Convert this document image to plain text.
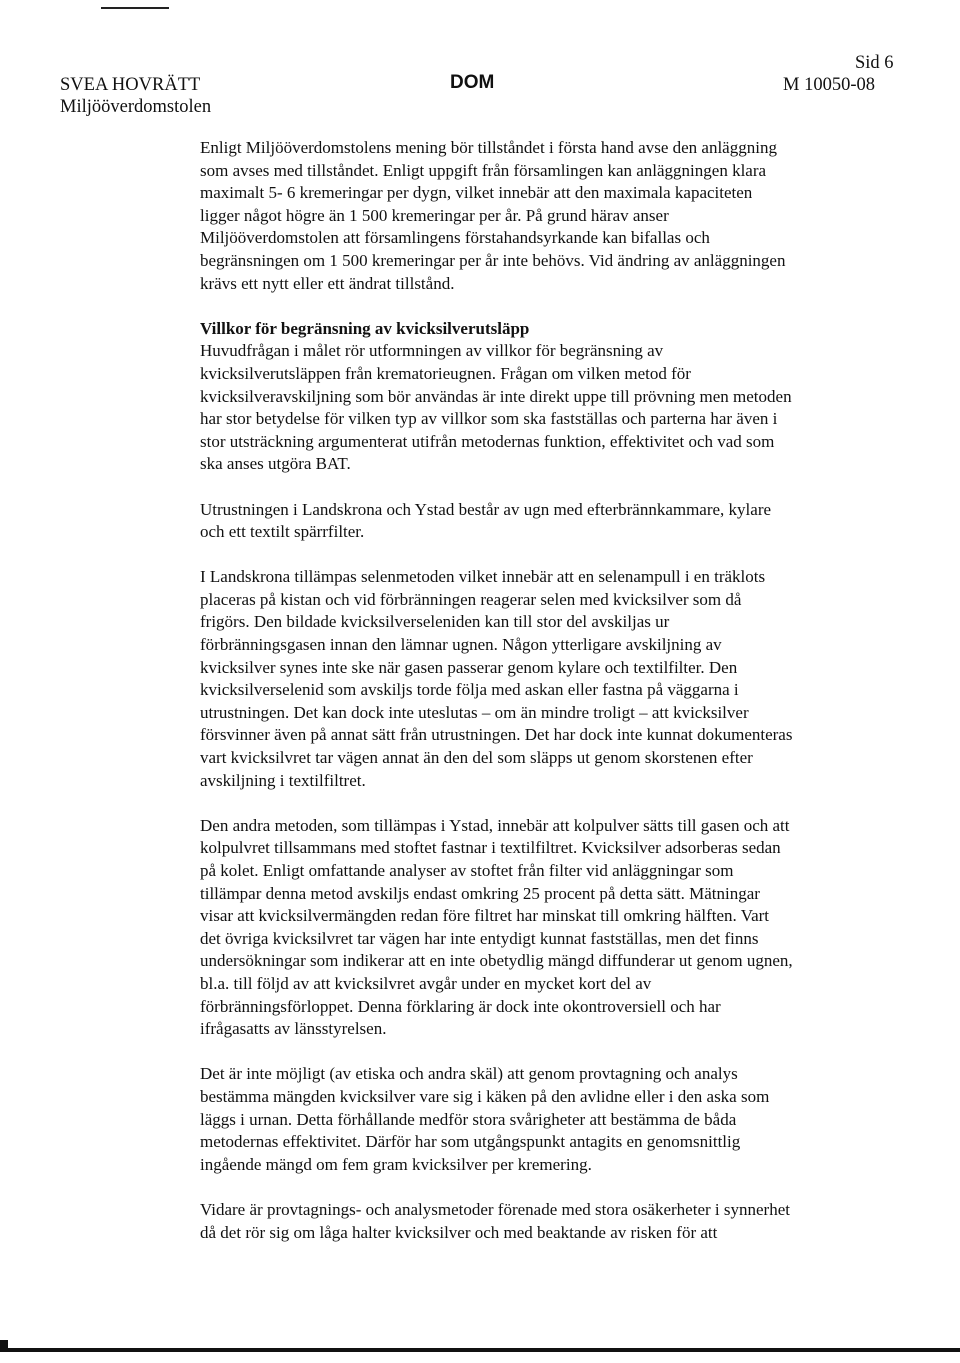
SVEA HOVRÄTT
Miljööverdomstolen
DOM
Sid 6
M 10050-08

Enligt Miljööverdomstolens mening bör tillståndet i första hand avse den anläggning
som avses med tillståndet. Enligt uppgift från församlingen kan anläggningen klara
maximalt 5- 6 kremeringar per dygn, vilket innebär att den maximala kapaciteten
ligger något högre än 1 500 kremeringar per år. På grund härav anser
Miljööverdomstolen att församlingens förstahandsyrkande kan bifallas och
begränsningen om 1 500 kremeringar per år inte behövs. Vid ändring av anläggningen
krävs ett nytt eller ett ändrat tillstånd.

Villkor för begränsning av kvicksilverutsläpp

Huvudfrågan i målet rör utformningen av villkor för begränsning av
kvicksilverutsläppen från krematorieugnen. Frågan om vilken metod för
kvicksilveravskiljning som bör användas är inte direkt uppe till prövning men metoden
har stor betydelse för vilken typ av villkor som ska fastställas och parterna har även i
stor utsträckning argumenterat utifrån metodernas funktion, effektivitet och vad som
ska anses utgöra BAT.

Utrustningen i Landskrona och Ystad består av ugn med efterbrännkammare, kylare
och ett textilt spärrfilter.

I Landskrona tillämpas selenmetoden vilket innebär att en selenampull i en träklots
placeras på kistan och vid förbränningen reagerar selen med kvicksilver som då
frigörs. Den bildade kvicksilverseleniden kan till stor del avskiljas ur
förbränningsgasen innan den lämnar ugnen. Någon ytterligare avskiljning av
kvicksilver synes inte ske när gasen passerar genom kylare och textilfilter. Den
kvicksilverselenid som avskiljs torde följa med askan eller fastna på väggarna i
utrustningen. Det kan dock inte uteslutas – om än mindre troligt – att kvicksilver
försvinner även på annat sätt från utrustningen. Det har dock inte kunnat dokumenteras
vart kvicksilvret tar vägen annat än den del som släpps ut genom skorstenen efter
avskiljning i textilfiltret.

Den andra metoden, som tillämpas i Ystad, innebär att kolpulver sätts till gasen och att
kolpulvret tillsammans med stoftet fastnar i textilfiltret. Kvicksilver adsorberas sedan
på kolet. Enligt omfattande analyser av stoftet från filter vid anläggningar som
tillämpar denna metod avskiljs endast omkring 25 procent på detta sätt. Mätningar
visar att kvicksilvermängden redan före filtret har minskat till omkring hälften. Vart
det övriga kvicksilvret tar vägen har inte entydigt kunnat fastställas, men det finns
undersökningar som indikerar att en inte obetydlig mängd diffunderar ut genom ugnen,
bl.a. till följd av att kvicksilvret avgår under en mycket kort del av
förbränningsförloppet. Denna förklaring är dock inte okontroversiell och har
ifrågasatts av länsstyrelsen.

Det är inte möjligt (av etiska och andra skäl) att genom provtagning och analys
bestämma mängden kvicksilver vare sig i käken på den avlidne eller i den aska som
läggs i urnan. Detta förhållande medför stora svårigheter att bestämma de båda
metodernas effektivitet. Därför har som utgångspunkt antagits en genomsnittlig
ingående mängd om fem gram kvicksilver per kremering.

Vidare är provtagnings- och analysmetoder förenade med stora osäkerheter i synnerhet
då det rör sig om låga halter kvicksilver och med beaktande av risken för att
